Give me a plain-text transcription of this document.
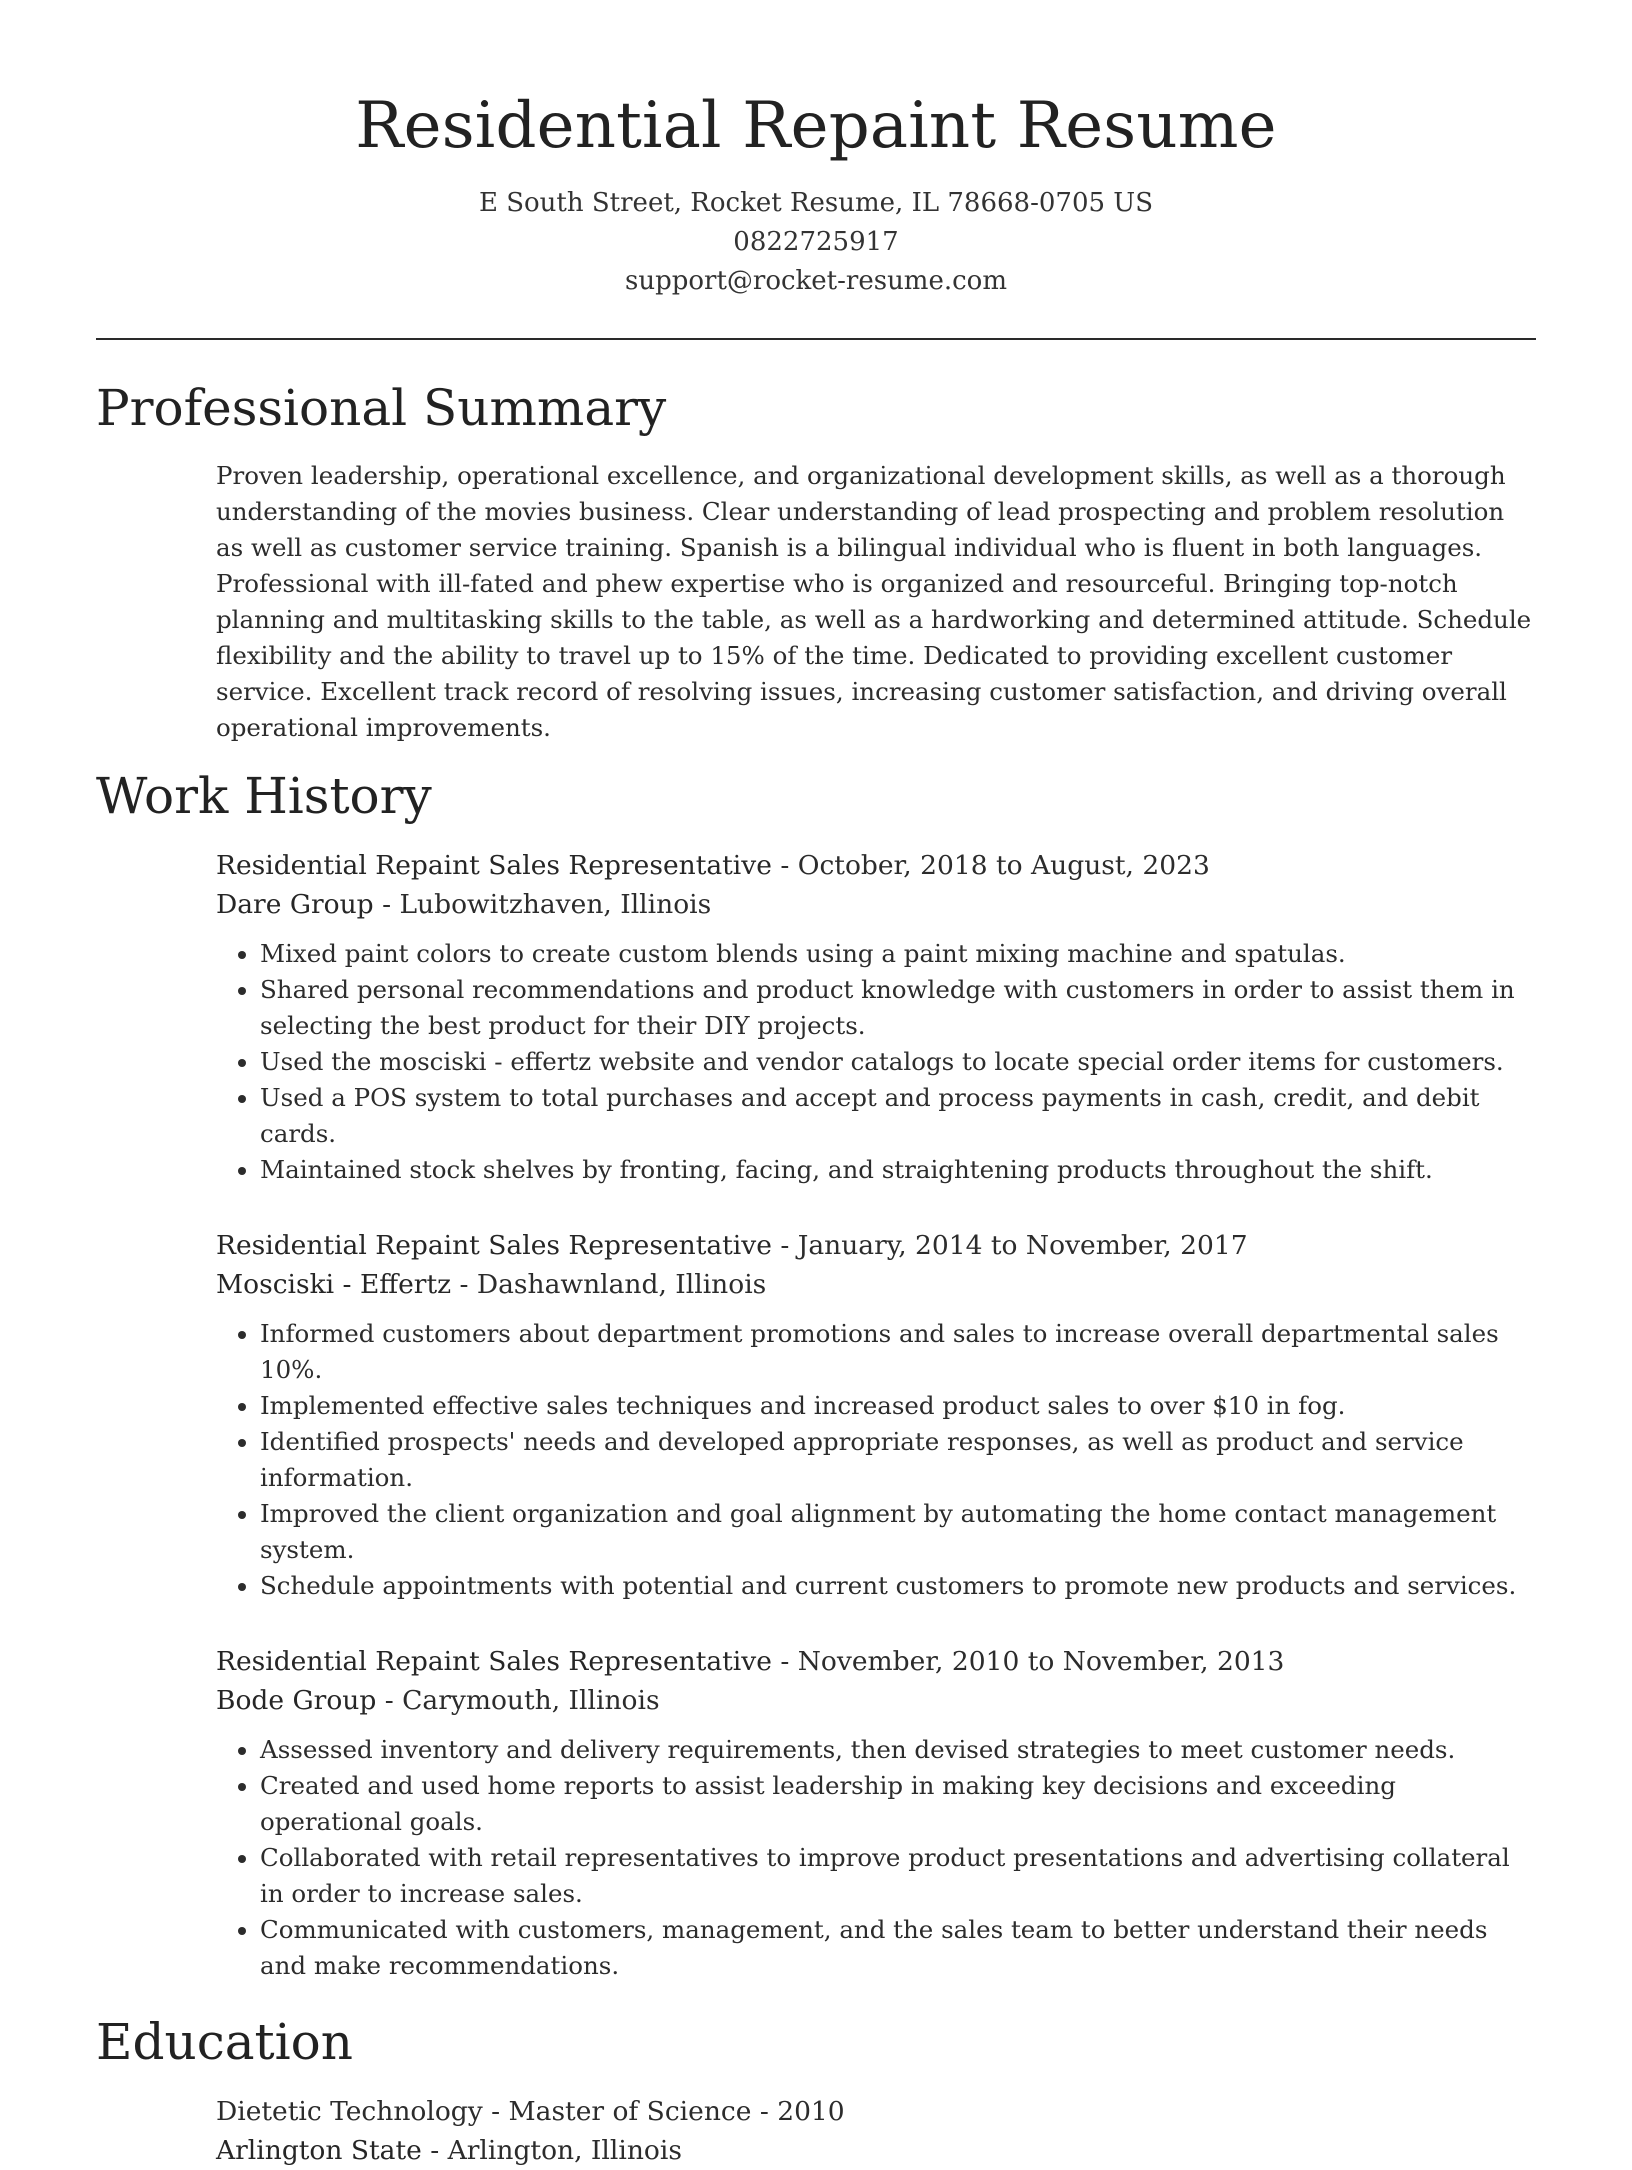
Residential Repaint Resume
E South Street, Rocket Resume, IL 78668-0705 US
0822725917
support@rocket-resume.com
Professional Summary

Proven leadership, operational excellence, and organizational development skills, as well as a thorough understanding of the movies business. Clear understanding of lead prospecting and problem resolution as well as customer service training. Spanish is a bilingual individual who is fluent in both languages. Professional with ill-fated and phew expertise who is organized and resourceful. Bringing top-notch planning and multitasking skills to the table, as well as a hardworking and determined attitude. Schedule flexibility and the ability to travel up to 15% of the time. Dedicated to providing excellent customer service. Excellent track record of resolving issues, increasing customer satisfaction, and driving overall operational improvements.

Work History
Residential Repaint Sales Representative - October, 2018 to August, 2023
Dare Group - Lubowitzhaven, Illinois
• Mixed paint colors to create custom blends using a paint mixing machine and spatulas.
• Shared personal recommendations and product knowledge with customers in order to assist them in selecting the best product for their DIY projects.
• Used the mosciski - effertz website and vendor catalogs to locate special order items for customers.
• Used a POS system to total purchases and accept and process payments in cash, credit, and debit cards.
• Maintained stock shelves by fronting, facing, and straightening products throughout the shift.
Residential Repaint Sales Representative - January, 2014 to November, 2017
Mosciski - Effertz - Dashawnland, Illinois
• Informed customers about department promotions and sales to increase overall departmental sales 10%.
• Implemented effective sales techniques and increased product sales to over $10 in fog.
• Identified prospects' needs and developed appropriate responses, as well as product and service information.
• Improved the client organization and goal alignment by automating the home contact management system.
• Schedule appointments with potential and current customers to promote new products and services.
Residential Repaint Sales Representative - November, 2010 to November, 2013
Bode Group - Carymouth, Illinois
• Assessed inventory and delivery requirements, then devised strategies to meet customer needs.
• Created and used home reports to assist leadership in making key decisions and exceeding operational goals.
• Collaborated with retail representatives to improve product presentations and advertising collateral in order to increase sales.
• Communicated with customers, management, and the sales team to better understand their needs and make recommendations.
Education
Dietetic Technology - Master of Science - 2010
Arlington State - Arlington, Illinois
